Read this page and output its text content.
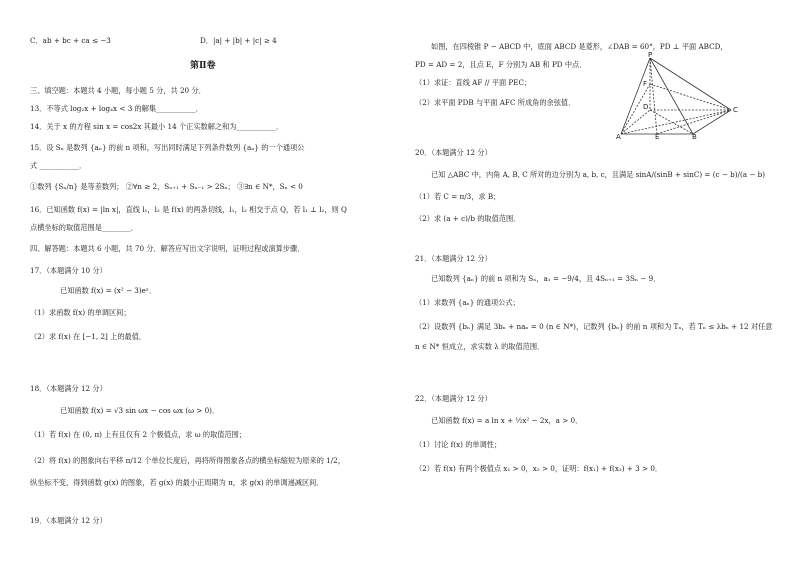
C．ab + bc + ca ≤ −3	D．|a| + |b| + |c| ≥ 4
第Ⅱ卷
三、填空题：本题共 4 小题，每小题 5 分，共 20 分．
13．不等式 log₂x + log₄x < 3 的解集___________．
14．关于 x 的方程 sin x = cos2x 其最小 14 个正实数解之和为___________．
15．设 Sₙ 是数列 {aₙ} 的前 n 项和，写出同时满足下列条件数列 {aₙ} 的一个通项公
式 ___________．
①数列 {Sₙ/n} 是等差数列； ②∀n ≥ 2，Sₙ₊₁ + Sₙ₋₁ > 2Sₙ； ③∃n ∈ N*，Sₙ < 0
16．已知函数 f(x) = |ln x|，直线 l₁，l₂ 是 f(x) 的两条切线，l₁，l₂ 相交于点 Q，若 l₁ ⊥ l₂，则 Q
点横坐标的取值范围是________．
四、解答题：本题共 6 小题，共 70 分．解答应写出文字说明，证明过程或演算步骤．
17．（本题满分 10 分）
已知函数 f(x) = (x² − 3)eˣ．
（1）求函数 f(x) 的单调区间；
（2）求 f(x) 在 [−1, 2] 上的最值．
18．（本题满分 12 分）
已知函数 f(x) = √3 sin ωx − cos ωx (ω > 0)．
（1）若 f(x) 在 (0, π) 上有且仅有 2 个极值点，求 ω 的取值范围；
（2）将 f(x) 的图象向右平移 π/12 个单位长度后，再将所得图象各点的横坐标缩短为原来的 1/2，
纵坐标不变，得到函数 g(x) 的图象，若 g(x) 的最小正周期为 π，求 g(x) 的单调递减区间．
19．（本题满分 12 分）
如图，在四棱锥 P − ABCD 中，底面 ABCD 是菱形，∠DAB = 60°，PD ⊥ 平面 ABCD，
PD = AD = 2，且点 E，F 分别为 AB 和 PD 中点．
（1）求证：直线 AF // 平面 PEC；
（2）求平面 PDB 与平面 AFC 所成角的余弦值．
P
F
D
A	E	B
C
20．（本题满分 12 分）
已知 △ABC 中，内角 A, B, C 所对的边分别为 a, b, c，且满足 sinA/(sinB + sinC) = (c − b)/(a − b)
（1）若 C = π/3，求 B；
（2）求 (a + c)/b 的取值范围．
21．（本题满分 12 分）
已知数列 {aₙ} 的前 n 项和为 Sₙ，a₁ = −9/4，且 4Sₙ₊₁ = 3Sₙ − 9．
（1）求数列 {aₙ} 的通项公式；
（2）设数列 {bₙ} 满足 3bₙ + naₙ = 0 (n ∈ N*)，记数列 {bₙ} 的前 n 项和为 Tₙ，若 Tₙ ≤ λbₙ + 12 对任意
n ∈ N* 恒成立，求实数 λ 的取值范围．
22．（本题满分 12 分）
已知函数 f(x) = a ln x + ½x² − 2x，a > 0．
（1）讨论 f(x) 的单调性；
（2）若 f(x) 有两个极值点 x₁ > 0，x₂ > 0，证明：f(x₁) + f(x₂) + 3 > 0．
